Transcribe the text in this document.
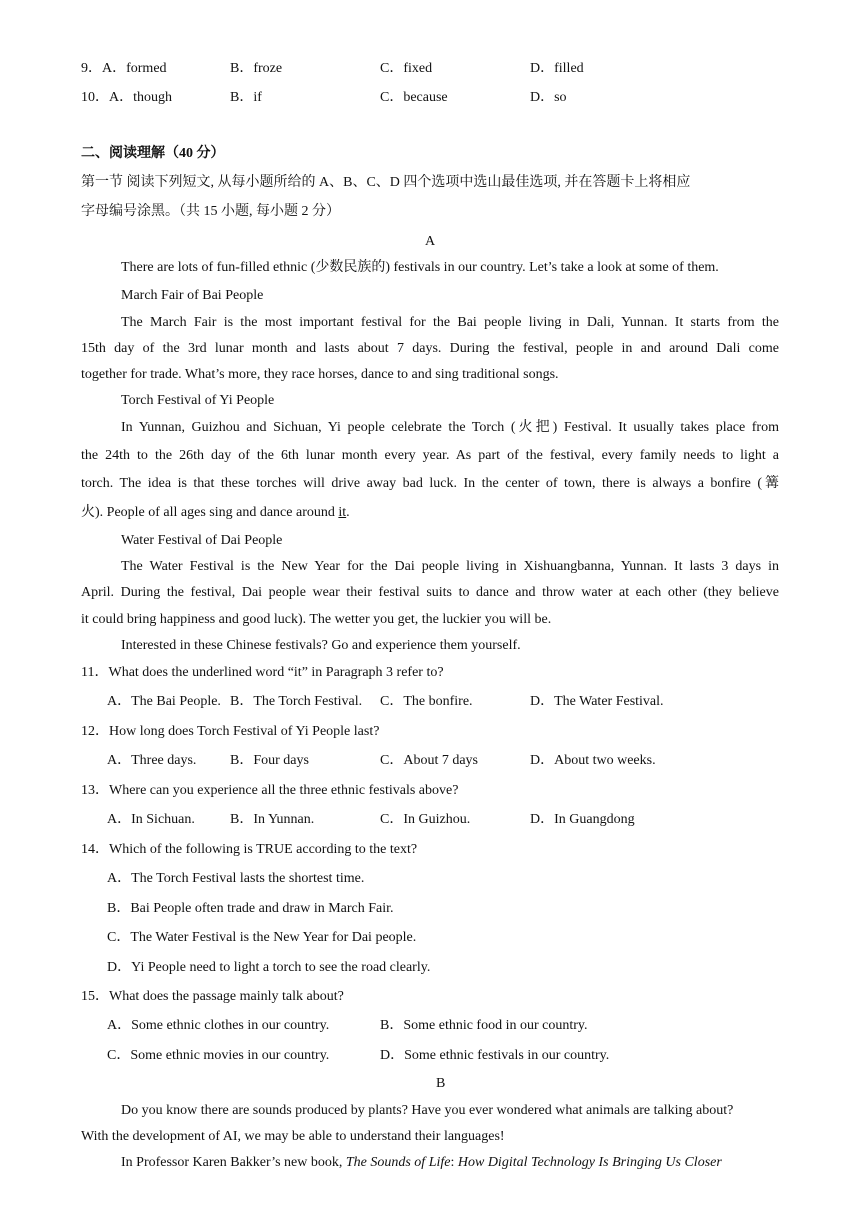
9．A．formed	B．froze	C．fixed	D．filled
10．A．though	B．if	C．because	D．so
二、阅读理解（40 分）
第一节 阅读下列短文, 从每小题所给的 A、B、C、D 四个选项中选山最佳选项, 并在答题卡上将相应
字母编号涂黑。（共 15 小题, 每小题 2 分）
A
There are lots of fun-filled ethnic (少数民族的) festivals in our country. Let’s take a look at some of them.
March Fair of Bai People
The March Fair is the most important festival for the Bai people living in Dali, Yunnan. It starts from the
15th day of the 3rd lunar month and lasts about 7 days. During the festival, people in and around Dali come
together for trade. What’s more, they race horses, dance to and sing traditional songs.
Torch Festival of Yi People
In Yunnan, Guizhou and Sichuan, Yi people celebrate the Torch (火把) Festival. It usually takes place from
the 24th to the 26th day of the 6th lunar month every year. As part of the festival, every family needs to light a
torch. The idea is that these torches will drive away bad luck. In the center of town, there is always a bonfire (篝
火). People of all ages sing and dance around it.
Water Festival of Dai People
The Water Festival is the New Year for the Dai people living in Xishuangbanna, Yunnan. It lasts 3 days in
April. During the festival, Dai people wear their festival suits to dance and throw water at each other (they believe
it could bring happiness and good luck). The wetter you get, the luckier you will be.
Interested in these Chinese festivals? Go and experience them yourself.
11．What does the underlined word “it” in Paragraph 3 refer to?
A．The Bai People. B．The Torch Festival. C．The bonfire.	D．The Water Festival.
12．How long does Torch Festival of Yi People last?
A．Three days. B．Four days	C．About 7 days	D．About two weeks.
13．Where can you experience all the three ethnic festivals above?
A．In Sichuan.	B．In Yunnan.	C．In Guizhou.	D．In Guangdong
14．Which of the following is TRUE according to the text?
A．The Torch Festival lasts the shortest time.
B．Bai People often trade and draw in March Fair.
C．The Water Festival is the New Year for Dai people.
D．Yi People need to light a torch to see the road clearly.
15．What does the passage mainly talk about?
A．Some ethnic clothes in our country.	B．Some ethnic food in our country.
C．Some ethnic movies in our country.	D．Some ethnic festivals in our country.
B
Do you know there are sounds produced by plants? Have you ever wondered what animals are talking about?
With the development of AI, we may be able to understand their languages!
In Professor Karen Bakker’s new book, The Sounds of Life: How Digital Technology Is Bringing Us Closer
